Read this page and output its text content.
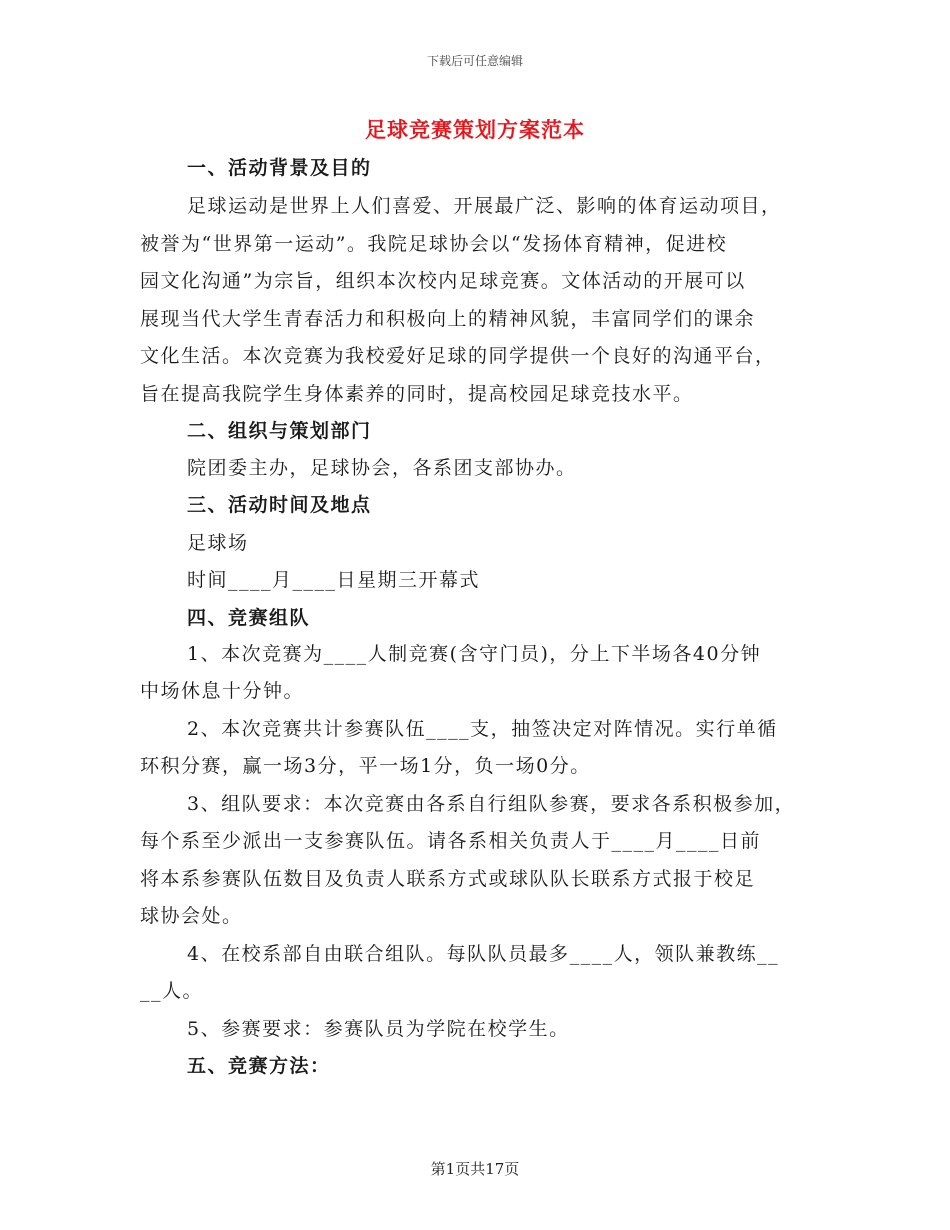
下载后可任意编辑
足球竞赛策划方案范本
一、活动背景及目的
足球运动是世界上人们喜爱、开展最广泛、影响的体育运动项目，
被誉为“世界第一运动”。我院足球协会以“发扬体育精神，促进校
园文化沟通”为宗旨，组织本次校内足球竞赛。文体活动的开展可以
展现当代大学生青春活力和积极向上的精神风貌，丰富同学们的课余
文化生活。本次竞赛为我校爱好足球的同学提供一个良好的沟通平台，
旨在提高我院学生身体素养的同时，提高校园足球竞技水平。
二、组织与策划部门
院团委主办，足球协会，各系团支部协办。
三、活动时间及地点
足球场
时间____月____日星期三开幕式
四、竞赛组队
1、本次竞赛为____人制竞赛(含守门员)，分上下半场各40分钟
中场休息十分钟。
2、本次竞赛共计参赛队伍____支，抽签决定对阵情况。实行单循
环积分赛，赢一场3分，平一场1分，负一场0分。
3、组队要求：本次竞赛由各系自行组队参赛，要求各系积极参加，
每个系至少派出一支参赛队伍。请各系相关负责人于____月____日前
将本系参赛队伍数目及负责人联系方式或球队队长联系方式报于校足
球协会处。
4、在校系部自由联合组队。每队队员最多____人，领队兼教练__
__人。
5、参赛要求：参赛队员为学院在校学生。
五、竞赛方法：
第1页共17页
